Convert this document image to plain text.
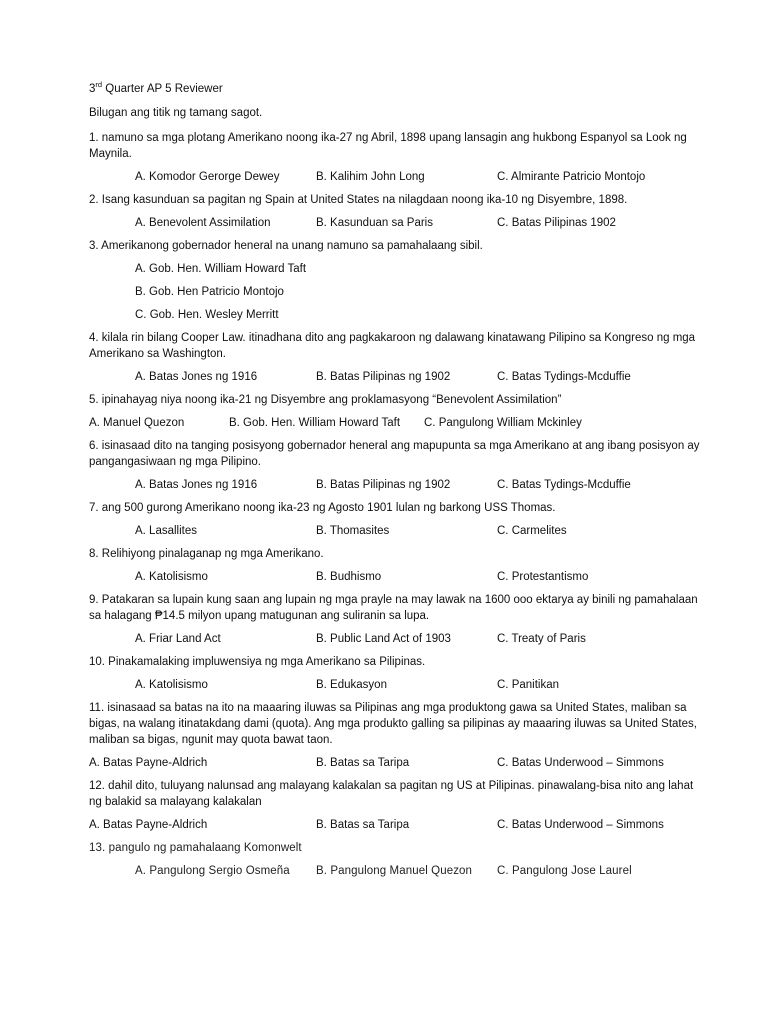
3rd Quarter AP 5 Reviewer
Bilugan ang titik ng tamang sagot.
1. namuno sa mga plotang Amerikano noong ika-27 ng Abril, 1898 upang lansagin ang hukbong Espanyol sa Look ng Maynila.
A. Komodor Gerorge Dewey	B. Kalihim John Long	C. Almirante Patricio Montojo
2. Isang kasunduan sa pagitan ng Spain at United States na nilagdaan noong ika-10 ng Disyembre, 1898.
A. Benevolent Assimilation	B. Kasunduan sa Paris	C. Batas Pilipinas 1902
3. Amerikanong gobernador heneral na unang namuno sa pamahalaang sibil.
A. Gob. Hen. William Howard Taft
B. Gob. Hen Patricio Montojo
C. Gob. Hen. Wesley Merritt
4. kilala rin bilang Cooper Law. itinadhana dito ang pagkakaroon ng dalawang kinatawang Pilipino sa Kongreso ng mga Amerikano sa Washington.
A. Batas Jones ng 1916	B. Batas Pilipinas ng 1902	C. Batas Tydings-Mcduffie
5. ipinahayag niya noong ika-21 ng Disyembre ang proklamasyong “Benevolent Assimilation”
A. Manuel Quezon	B. Gob. Hen. William Howard Taft	C. Pangulong William Mckinley
6. isinasaad dito na tanging posisyong gobernador heneral ang mapupunta sa mga Amerikano at ang ibang posisyon ay pangangasiwaan ng mga Pilipino.
A. Batas Jones ng 1916	B. Batas Pilipinas ng 1902	C. Batas Tydings-Mcduffie
7. ang 500 gurong Amerikano noong ika-23 ng Agosto 1901 lulan ng barkong USS Thomas.
A. Lasallites	B. Thomasites	C. Carmelites
8. Relihiyong pinalaganap ng mga Amerikano.
A. Katolisismo	B. Budhismo	C. Protestantismo
9. Patakaran sa lupain kung saan ang lupain ng mga prayle na may lawak na 1600 ooo ektarya ay binili ng pamahalaan sa halagang ₱14.5 milyon upang matugunan ang suliranin sa lupa.
A. Friar Land Act	B. Public Land Act of 1903	C. Treaty of Paris
10. Pinakamalaking impluwensiya ng mga Amerikano sa Pilipinas.
A. Katolisismo	B. Edukasyon	C. Panitikan
11. isinasaad sa batas na ito na maaaring iluwas sa Pilipinas ang mga produktong gawa sa United States, maliban sa bigas, na walang itinatakdang dami (quota). Ang mga produkto galling sa pilipinas ay maaaring iluwas sa United States, maliban sa bigas, ngunit may quota bawat taon.
A. Batas Payne-Aldrich	B. Batas sa Taripa	C. Batas Underwood – Simmons
12. dahil dito, tuluyang nalunsad ang malayang kalakalan sa pagitan ng US at Pilipinas. pinawalang-bisa nito ang lahat ng balakid sa malayang kalakalan
A. Batas Payne-Aldrich	B. Batas sa Taripa	C. Batas Underwood – Simmons
13. pangulo ng pamahalaang Komonwelt
A. Pangulong Sergio Osmeña	B. Pangulong Manuel Quezon	C. Pangulong Jose Laurel
